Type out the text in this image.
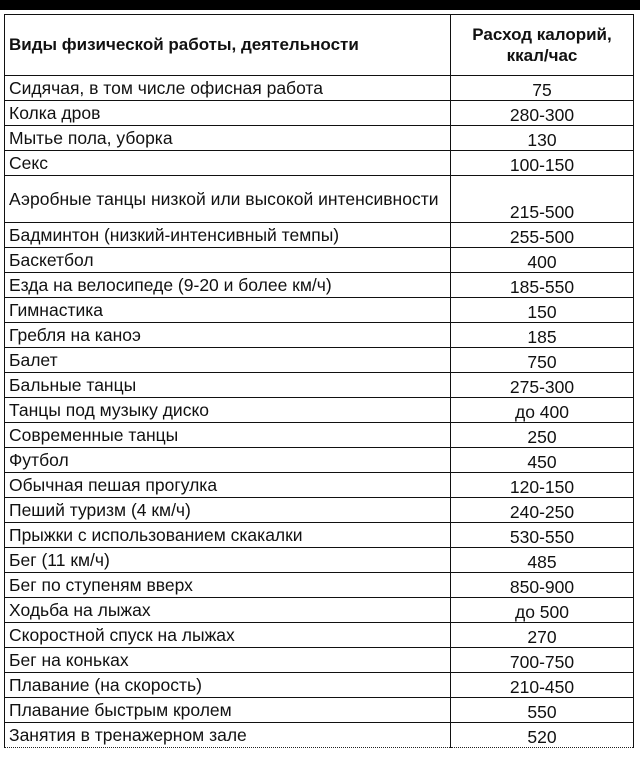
Виды физической работы, деятельности	Расход калорий, ккал/час
Сидячая, в том числе офисная работа	75
Колка дров	280-300
Мытье пола, уборка	130
Секс	100-150
Аэробные танцы низкой или высокой интенсивности	215-500
Бадминтон (низкий-интенсивный темпы)	255-500
Баскетбол	400
Езда на велосипеде (9-20 и более км/ч)	185-550
Гимнастика	150
Гребля на каноэ	185
Балет	750
Бальные танцы	275-300
Танцы под музыку диско	до 400
Современные танцы	250
Футбол	450
Обычная пешая прогулка	120-150
Пеший туризм (4 км/ч)	240-250
Прыжки с использованием скакалки	530-550
Бег (11 км/ч)	485
Бег по ступеням вверх	850-900
Ходьба на лыжах	до 500
Скоростной спуск на лыжах	270
Бег на коньках	700-750
Плавание (на скорость)	210-450
Плавание быстрым кролем	550
Занятия в тренажерном зале	520
